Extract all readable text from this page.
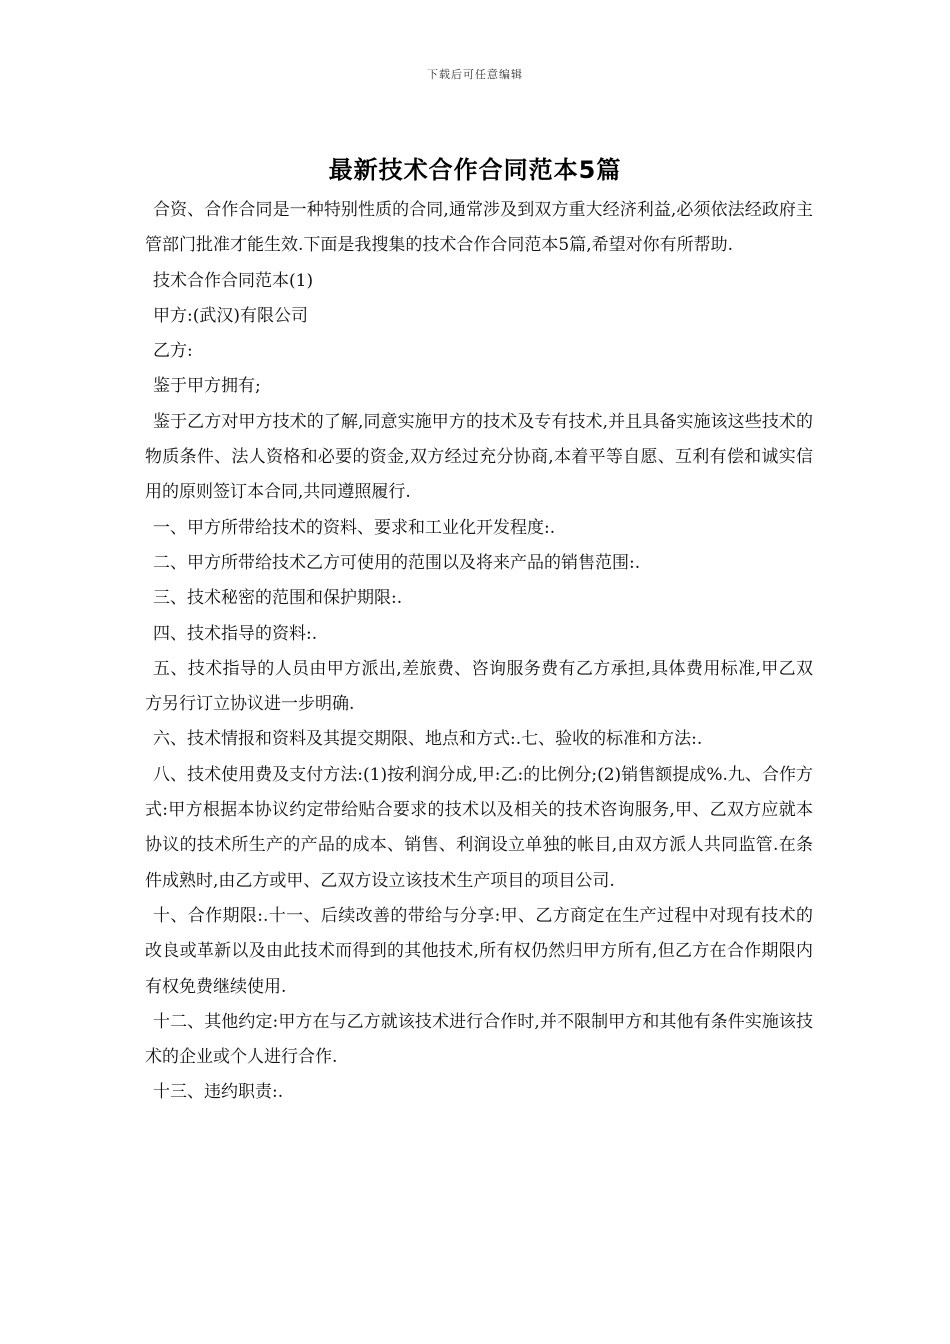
下载后可任意编辑
最新技术合作合同范本5篇

合资、合作合同是一种特别性质的合同,通常涉及到双方重大经济利益,必须依法经政府主管部门批准才能生效.下面是我搜集的技术合作合同范本5篇,希望对你有所帮助.

技术合作合同范本(1)

甲方:(武汉)有限公司

乙方:

鉴于甲方拥有;

鉴于乙方对甲方技术的了解,同意实施甲方的技术及专有技术,并且具备实施该这些技术的物质条件、法人资格和必要的资金,双方经过充分协商,本着平等自愿、互利有偿和诚实信用的原则签订本合同,共同遵照履行.

一、甲方所带给技术的资料、要求和工业化开发程度:.

二、甲方所带给技术乙方可使用的范围以及将来产品的销售范围:.

三、技术秘密的范围和保护期限:.

四、技术指导的资料:.

五、技术指导的人员由甲方派出,差旅费、咨询服务费有乙方承担,具体费用标准,甲乙双方另行订立协议进一步明确.

六、技术情报和资料及其提交期限、地点和方式:.七、验收的标准和方法:.

八、技术使用费及支付方法:(1)按利润分成,甲:乙:的比例分;(2)销售额提成%.九、合作方式:甲方根据本协议约定带给贴合要求的技术以及相关的技术咨询服务,甲、乙双方应就本协议的技术所生产的产品的成本、销售、利润设立单独的帐目,由双方派人共同监管.在条件成熟时,由乙方或甲、乙双方设立该技术生产项目的项目公司.

十、合作期限:.十一、后续改善的带给与分享:甲、乙方商定在生产过程中对现有技术的改良或革新以及由此技术而得到的其他技术,所有权仍然归甲方所有,但乙方在合作期限内有权免费继续使用.

十二、其他约定:甲方在与乙方就该技术进行合作时,并不限制甲方和其他有条件实施该技术的企业或个人进行合作.

十三、违约职责:.
